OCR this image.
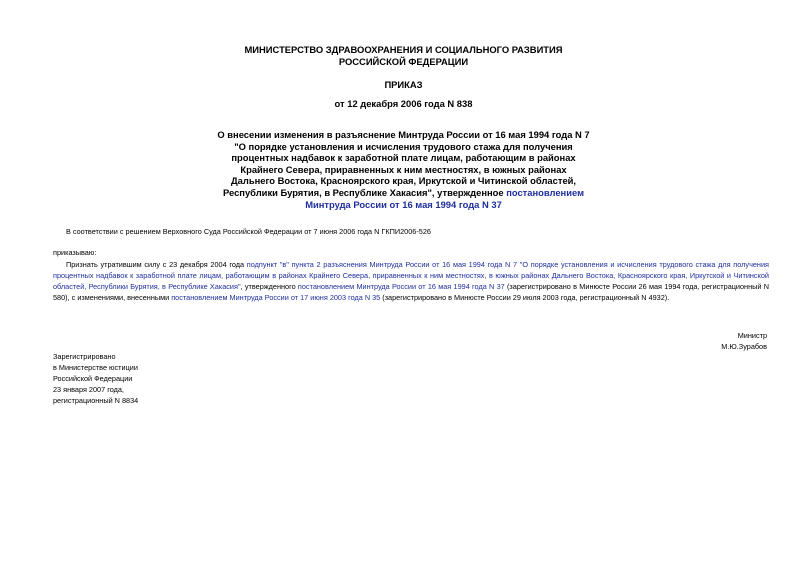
МИНИСТЕРСТВО ЗДРАВООХРАНЕНИЯ И СОЦИАЛЬНОГО РАЗВИТИЯ
РОССИЙСКОЙ ФЕДЕРАЦИИ
ПРИКАЗ
от 12 декабря 2006 года N 838
О внесении изменения в разъяснение Минтруда России от 16 мая 1994 года N 7
"О порядке установления и исчисления трудового стажа для получения
процентных надбавок к заработной плате лицам, работающим в районах
Крайнего Севера, приравненных к ним местностях, в южных районах
Дальнего Востока, Красноярского края, Иркутской и Читинской областей,
Республики Бурятия, в Республике Хакасия", утвержденное постановлением
Минтруда России от 16 мая 1994 года N 37
В соответствии с решением Верховного Суда Российской Федерации от 7 июня 2006 года N ГКПИ2006-526
приказываю:
Признать утратившим силу с 23 декабря 2004 года подпункт "в" пункта 2 разъяснения Минтруда России от 16 мая 1994 года N 7 "О порядке установления и исчисления трудового стажа для получения процентных надбавок к заработной плате лицам, работающим в районах Крайнего Севера, приравненных к ним местностях, в южных районах Дальнего Востока, Красноярского края, Иркутской и Читинской областей, Республики Бурятия, в Республике Хакасия", утвержденного постановлением Минтруда России от 16 мая 1994 года N 37 (зарегистрировано в Минюсте России 26 мая 1994 года, регистрационный N 580), с изменениями, внесенными постановлением Минтруда России от 17 июня 2003 года N 35 (зарегистрировано в Минюсте России 29 июля 2003 года, регистрационный N 4932).
Министр
М.Ю.Зурабов
Зарегистрировано
в Министерстве юстиции
Российской Федерации
23 января 2007 года,
регистрационный N 8834
